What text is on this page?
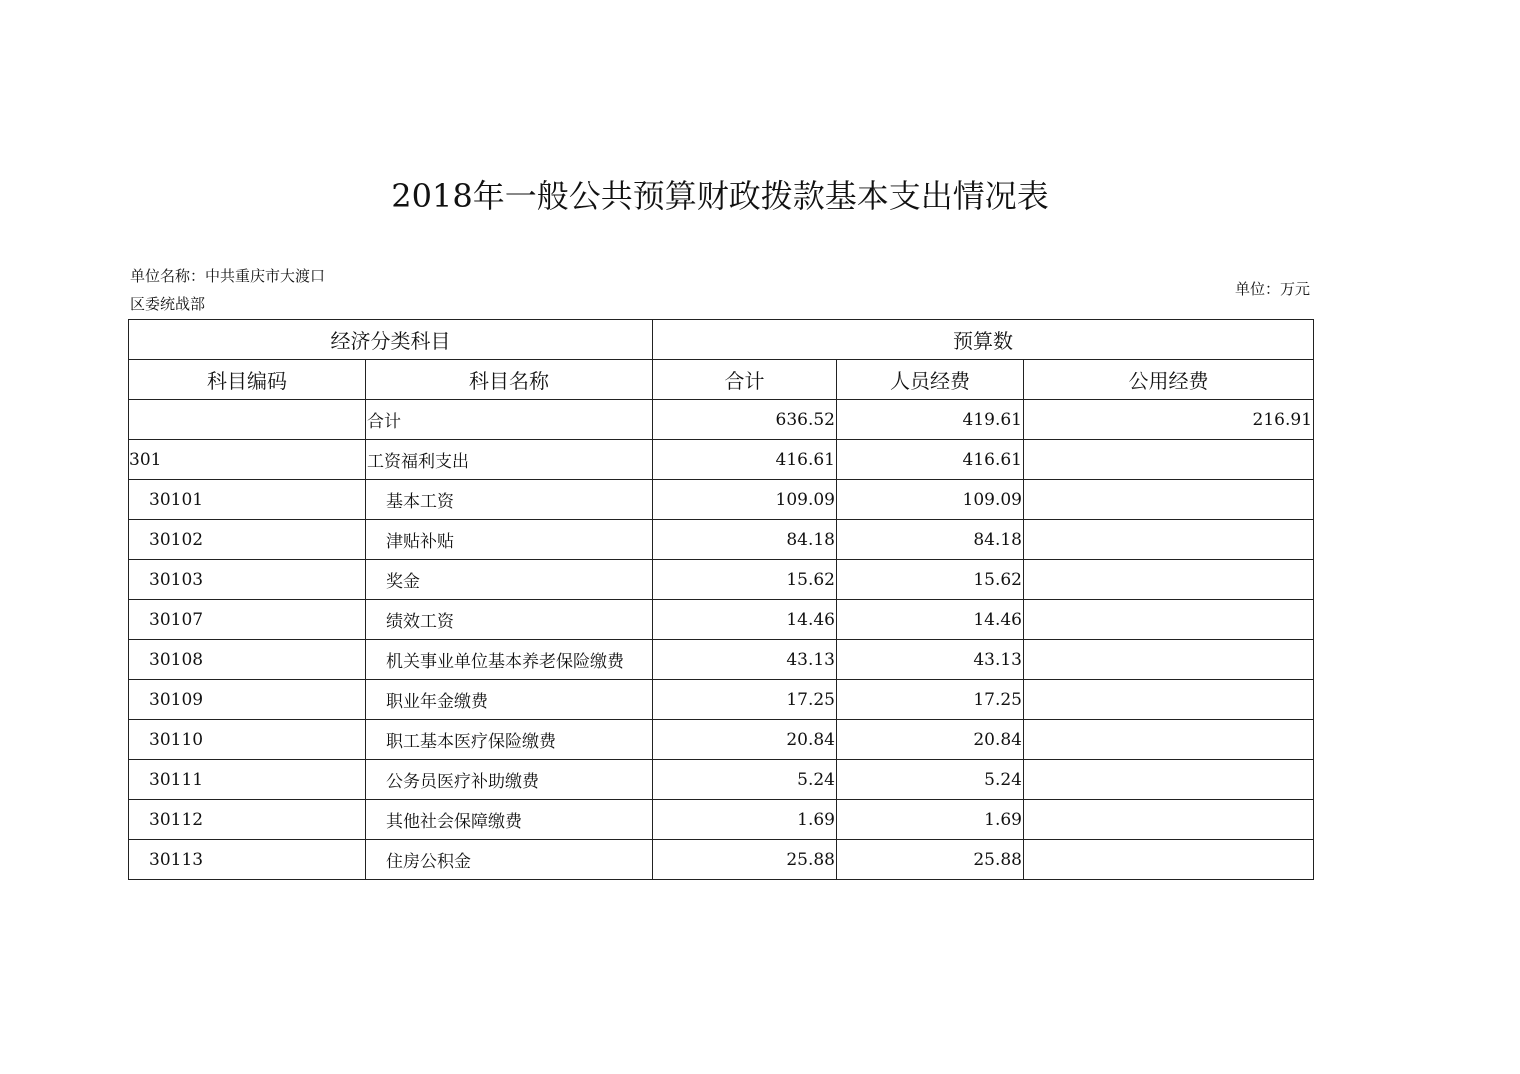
2018年一般公共预算财政拨款基本支出情况表
单位名称：中共重庆市大渡口
区委统战部
单位：万元
经济分类科目		预算数		
科目编码	科目名称	合计	人员经费	公用经费
	合计	636.52	419.61	216.91
301	工资福利支出	416.61	416.61	
30101	基本工资	109.09	109.09	
30102	津贴补贴	84.18	84.18	
30103	奖金	15.62	15.62	
30107	绩效工资	14.46	14.46	
30108	机关事业单位基本养老保险缴费	43.13	43.13	
30109	职业年金缴费	17.25	17.25	
30110	职工基本医疗保险缴费	20.84	20.84	
30111	公务员医疗补助缴费	5.24	5.24	
30112	其他社会保障缴费	1.69	1.69	
30113	住房公积金	25.88	25.88	
